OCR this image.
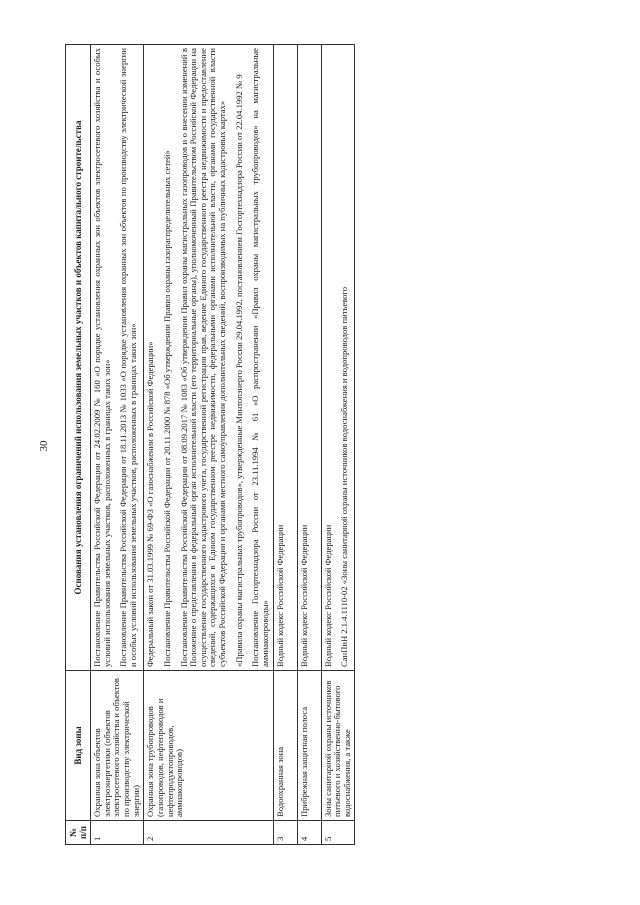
30
№ п/п	Вид зоны	Основания установления ограничений использования земельных участков и объектов капитального строительства
1	Охранная зона объектов электроэнергетики (объектов электросетевого хозяйства и объектов по производству электрической энергии)	Постановление Правительства Российской Федерации от 24.02.2009 № 160 «О порядке установления охранных зон объектов электросетевого хозяйства и особых условий использования земельных участков, расположенных в границах таких зон» Постановление Правительства Российской Федерации от 18.11.2013 № 1033 «О порядке установления охранных зон объектов по производству электрической энергии и особых условий использования земельных участков, расположенных в границах таких зон»

2	Охранная зона трубопроводов (газопроводов, нефтепроводов и нефтепродуктопроводов, аммиакопроводов)	Федеральный закон от 31.03.1999 № 69-ФЗ «О газоснабжении в Российской Федерации» Постановление Правительства Российской Федерации от 20.11.2000 № 878 «Об утверждении Правил охраны газораспределительных сетей» Постановление Правительства Российской Федерации от 08.09.2017 № 1083 «Об утверждении Правил охраны магистральных газопроводов и о внесении изменений в Положение о представлении в федеральный орган исполнительной власти (его территориальные органы), уполномоченный Правительством Российской Федерации на осуществление государственного кадастрового учета, государственной регистрации прав, ведение Единого государственного реестра недвижимости и предоставление сведений, содержащихся в Едином государственном реестре недвижимости, федеральными органами исполнительной власти, органами государственной власти субъектов Российской Федерации и органами местного самоуправления дополнительных сведений, воспроизводимых на публичных кадастровых картах» «Правила охраны магистральных трубопроводов», утвержденные Минтопэнерго России 29.04.1992, постановлением Госгортехнадзора России от 22.04.1992 № 9 Постановление Госгортехнадзора России от 23.11.1994 № 61 «О распространении «Правил охраны магистральных трубопроводов» на магистральные аммиакопроводы»

3	Водоохранная зона	Водный кодекс Российской Федерации

4	Прибрежная защитная полоса	Водный кодекс Российской Федерации

5	Зоны санитарной охраны источников питьевого и хозяйственно-бытового водоснабжения, а также	Водный кодекс Российской Федерации СанПиН 2.1.4.1110-02 «Зоны санитарной охраны источников водоснабжения и водопроводов питьевого
